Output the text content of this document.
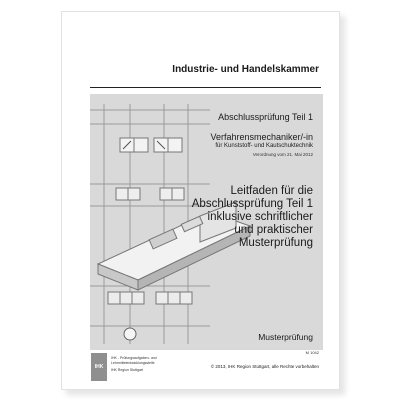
Industrie- und Handelskammer
Abschlussprüfung Teil 1
Verfahrensmechaniker/-in
für Kunststoff- und Kautschuktechnik
Verordnung vom 21. Mai 2012
Leitfaden für die
Abschlussprüfung Teil 1
inklusive schriftlicher
und praktischer
Musterprüfung
Musterprüfung
M 1042
IHK
IHK - Prüfungsaufgaben- und
Lehrmittelentwicklungsstelle
IHK Region Stuttgart
© 2013, IHK Region Stuttgart, alle Rechte vorbehalten
